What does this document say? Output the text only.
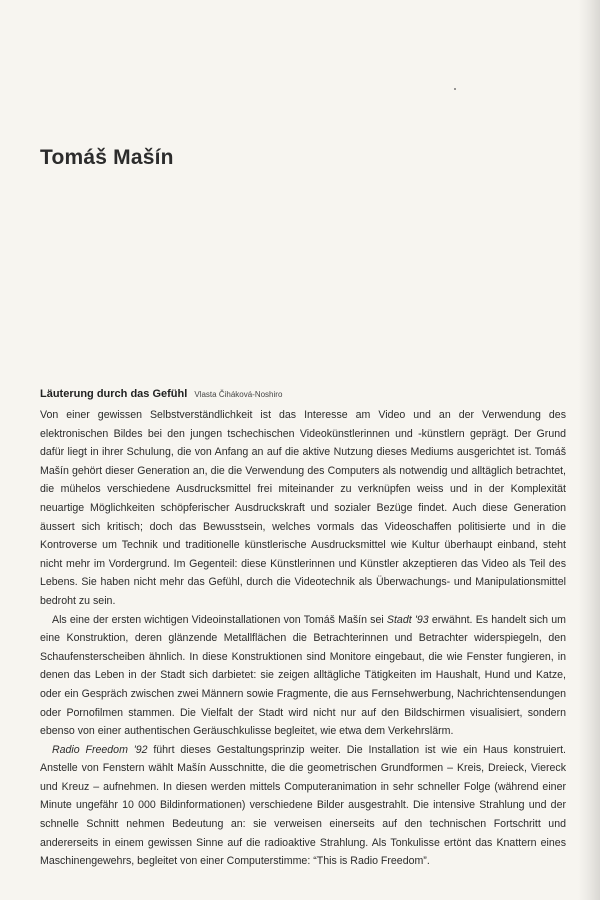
Tomáš Mašín
Läuterung durch das Gefühl Vlasta Čiháková-Noshiro

Von einer gewissen Selbstverständlichkeit ist das Interesse am Video und an der Verwendung des elektronischen Bildes bei den jungen tschechischen Videokünstlerinnen und -künstlern geprägt. Der Grund dafür liegt in ihrer Schulung, die von Anfang an auf die aktive Nutzung dieses Mediums ausgerichtet ist. Tomáš Mašín gehört dieser Generation an, die die Verwendung des Computers als notwendig und alltäglich betrachtet, die mühelos verschiedene Ausdrucksmittel frei miteinander zu verknüpfen weiss und in der Komplexität neuartige Möglichkeiten schöpferischer Ausdruckskraft und sozialer Bezüge findet. Auch diese Generation äussert sich kritisch; doch das Bewusstsein, welches vormals das Videoschaffen politisierte und in die Kontroverse um Technik und traditionelle künstlerische Ausdrucksmittel wie Kultur überhaupt einband, steht nicht mehr im Vordergrund. Im Gegenteil: diese Künstlerinnen und Künstler akzeptieren das Video als Teil des Lebens. Sie haben nicht mehr das Gefühl, durch die Videotechnik als Überwachungs- und Manipulationsmittel bedroht zu sein.

Als eine der ersten wichtigen Videoinstallationen von Tomáš Mašín sei Stadt '93 erwähnt. Es handelt sich um eine Konstruktion, deren glänzende Metallflächen die Betrachterinnen und Betrachter widerspiegeln, den Schaufensterscheiben ähnlich. In diese Konstruktionen sind Monitore eingebaut, die wie Fenster fungieren, in denen das Leben in der Stadt sich darbietet: sie zeigen alltägliche Tätigkeiten im Haushalt, Hund und Katze, oder ein Gespräch zwischen zwei Männern sowie Fragmente, die aus Fernsehwerbung, Nachrichtensendungen oder Pornofilmen stammen. Die Vielfalt der Stadt wird nicht nur auf den Bildschirmen visualisiert, sondern ebenso von einer authentischen Geräuschkulisse begleitet, wie etwa dem Verkehrslärm.

Radio Freedom '92 führt dieses Gestaltungsprinzip weiter. Die Installation ist wie ein Haus konstruiert. Anstelle von Fenstern wählt Mašín Ausschnitte, die die geometrischen Grundformen – Kreis, Dreieck, Viereck und Kreuz – aufnehmen. In diesen werden mittels Computeranimation in sehr schneller Folge (während einer Minute ungefähr 10 000 Bildinformationen) verschiedene Bilder ausgestrahlt. Die intensive Strahlung und der schnelle Schnitt nehmen Bedeutung an: sie verweisen einerseits auf den technischen Fortschritt und andererseits in einem gewissen Sinne auf die radioaktive Strahlung. Als Tonkulisse ertönt das Knattern eines Maschinengewehrs, begleitet von einer Computerstimme: “This is Radio Freedom”.
